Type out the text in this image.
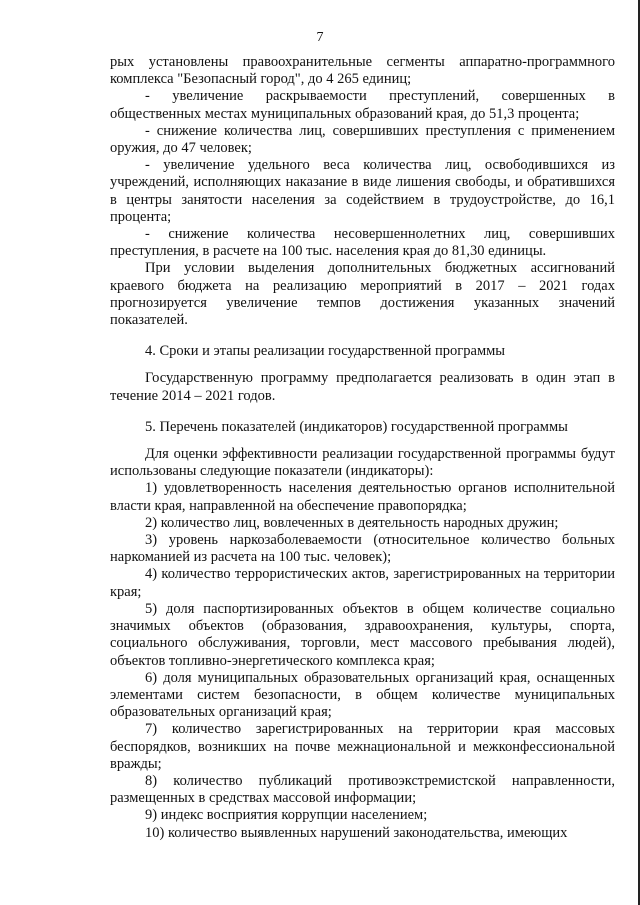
7

рых установлены правоохранительные сегменты аппаратно-программного комплекса "Безопасный город", до 4 265 единиц;

- увеличение раскрываемости преступлений, совершенных в общественных местах муниципальных образований края, до 51,3 процента;

- снижение количества лиц, совершивших преступления с применением оружия, до 47 человек;

- увеличение удельного веса количества лиц, освободившихся из учреждений, исполняющих наказание в виде лишения свободы, и обратившихся в центры занятости населения за содействием в трудоустройстве, до 16,1 процента;

- снижение количества несовершеннолетних лиц, совершивших преступления, в расчете на 100 тыс. населения края до 81,30 единицы.

При условии выделения дополнительных бюджетных ассигнований краевого бюджета на реализацию мероприятий в 2017 – 2021 годах прогнозируется увеличение темпов достижения указанных значений показателей.

4. Сроки и этапы реализации государственной программы

Государственную программу предполагается реализовать в один этап в течение 2014 – 2021 годов.

5. Перечень показателей (индикаторов) государственной программы

Для оценки эффективности реализации государственной программы будут использованы следующие показатели (индикаторы):

1) удовлетворенность населения деятельностью органов исполнительной власти края, направленной на обеспечение правопорядка;

2) количество лиц, вовлеченных в деятельность народных дружин;

3) уровень наркозаболеваемости (относительное количество больных наркоманией из расчета на 100 тыс. человек);

4) количество террористических актов, зарегистрированных на территории края;

5) доля паспортизированных объектов в общем количестве социально значимых объектов (образования, здравоохранения, культуры, спорта, социального обслуживания, торговли, мест массового пребывания людей), объектов топливно-энергетического комплекса края;

6) доля муниципальных образовательных организаций края, оснащенных элементами систем безопасности, в общем количестве муниципальных образовательных организаций края;

7) количество зарегистрированных на территории края массовых беспорядков, возникших на почве межнациональной и межконфессиональной вражды;

8) количество публикаций противоэкстремистской направленности, размещенных в средствах массовой информации;

9) индекс восприятия коррупции населением;

10) количество выявленных нарушений законодательства, имеющих
